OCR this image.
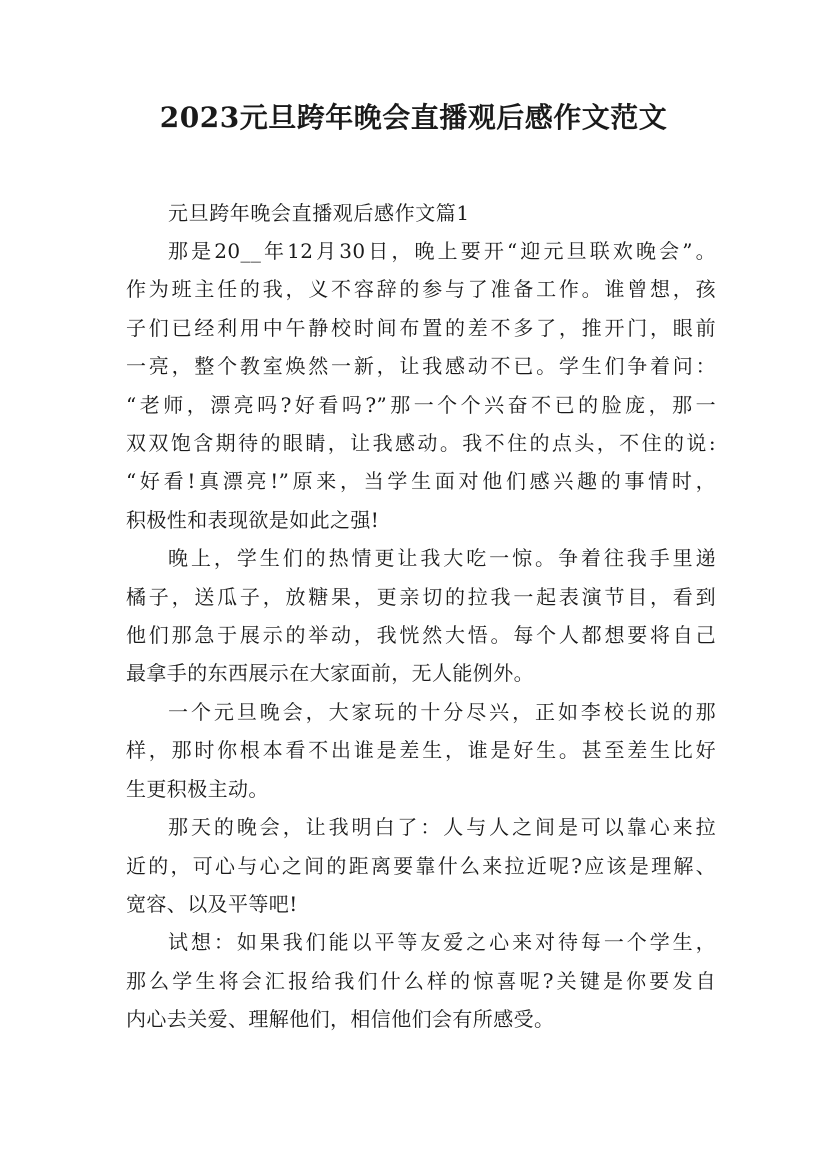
2023元旦跨年晚会直播观后感作文范文

元旦跨年晚会直播观后感作文篇1

那是20__年12月30日，晚上要开“迎元旦联欢晚会”。
作为班主任的我，义不容辞的参与了准备工作。谁曾想，孩
子们已经利用中午静校时间布置的差不多了，推开门，眼前
一亮，整个教室焕然一新，让我感动不已。学生们争着问：
“老师，漂亮吗?好看吗?”那一个个兴奋不已的脸庞，那一
双双饱含期待的眼睛，让我感动。我不住的点头，不住的说:
“好看!真漂亮!”原来，当学生面对他们感兴趣的事情时，
积极性和表现欲是如此之强!

晚上，学生们的热情更让我大吃一惊。争着往我手里递
橘子，送瓜子，放糖果，更亲切的拉我一起表演节目，看到
他们那急于展示的举动，我恍然大悟。每个人都想要将自己
最拿手的东西展示在大家面前，无人能例外。

一个元旦晚会，大家玩的十分尽兴，正如李校长说的那
样，那时你根本看不出谁是差生，谁是好生。甚至差生比好
生更积极主动。

那天的晚会，让我明白了：人与人之间是可以靠心来拉
近的，可心与心之间的距离要靠什么来拉近呢?应该是理解、
宽容、以及平等吧!

试想：如果我们能以平等友爱之心来对待每一个学生，
那么学生将会汇报给我们什么样的惊喜呢?关键是你要发自
内心去关爱、理解他们，相信他们会有所感受。
